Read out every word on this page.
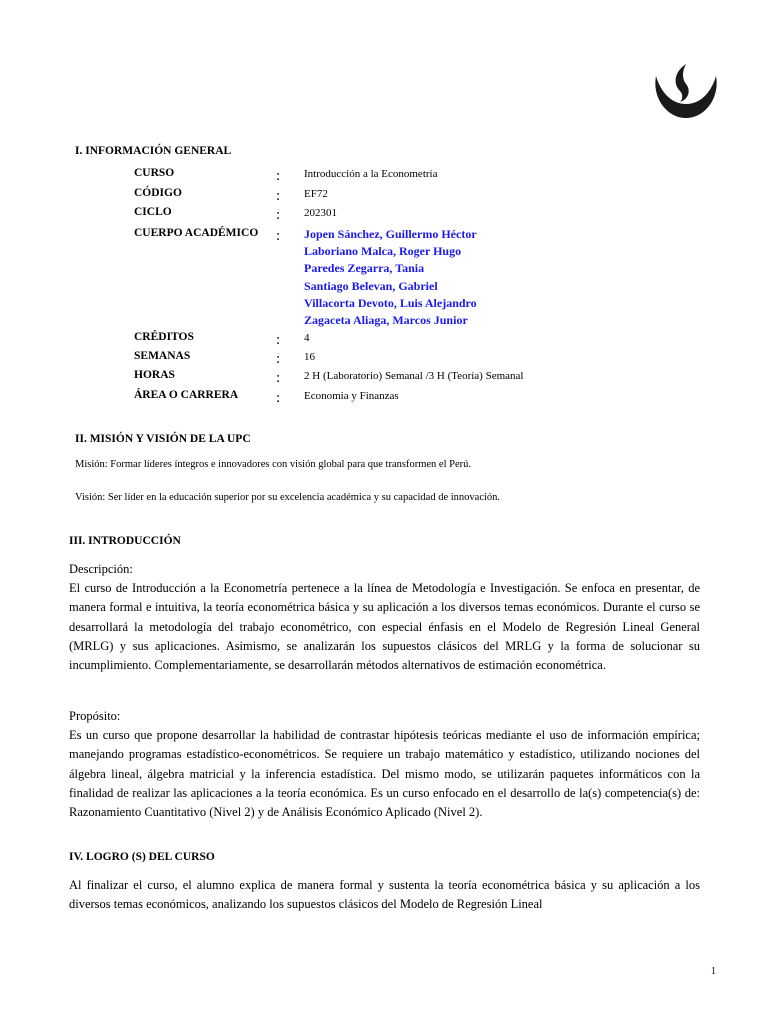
I. INFORMACIÓN GENERAL
CURSO	: Introducción a la Econometría
CÓDIGO	: EF72
CICLO	: 202301
CUERPO ACADÉMICO : Jopen Sánchez, Guillermo Héctor
Laboriano Malca, Roger Hugo
Paredes Zegarra, Tania
Santiago Belevan, Gabriel
Villacorta Devoto, Luis Alejandro
Zagaceta Aliaga, Marcos Junior
CRÉDITOS	: 4
SEMANAS	: 16
HORAS	: 2 H (Laboratorio) Semanal /3 H (Teoría) Semanal
ÁREA O CARRERA	: Economia y Finanzas
II. MISIÓN Y VISIÓN DE LA UPC
Misión: Formar líderes íntegros e innovadores con visión global para que transformen el Perú.
Visión: Ser líder en la educación superior por su excelencia académica y su capacidad de innovación.
III. INTRODUCCIÓN

Descripción:

El curso de Introducción a la Econometría pertenece a la línea de Metodología e Investigación. Se enfoca en presentar, de manera formal e intuitiva, la teoría econométrica básica y su aplicación a los diversos temas económicos. Durante el curso se desarrollará la metodología del trabajo econométrico, con especial énfasis en el Modelo de Regresión Lineal General (MRLG) y sus aplicaciones. Asimismo, se analizarán los supuestos clásicos del MRLG y la forma de solucionar su incumplimiento. Complementariamente, se desarrollarán métodos alternativos de estimación econométrica.

Propósito:

Es un curso que propone desarrollar la habilidad de contrastar hipótesis teóricas mediante el uso de información empírica; manejando programas estadístico-econométricos. Se requiere un trabajo matemático y estadístico, utilizando nociones del álgebra lineal, álgebra matricial y la inferencia estadística. Del mismo modo, se utilizarán paquetes informáticos con la finalidad de realizar las aplicaciones a la teoría económica. Es un curso enfocado en el desarrollo de la(s) competencia(s) de: Razonamiento Cuantitativo (Nivel 2) y de Análisis Económico Aplicado (Nivel 2).

IV. LOGRO (S) DEL CURSO

Al finalizar el curso, el alumno explica de manera formal y sustenta la teoría econométrica básica y su aplicación a los diversos temas económicos, analizando los supuestos clásicos del Modelo de Regresión Lineal

1
